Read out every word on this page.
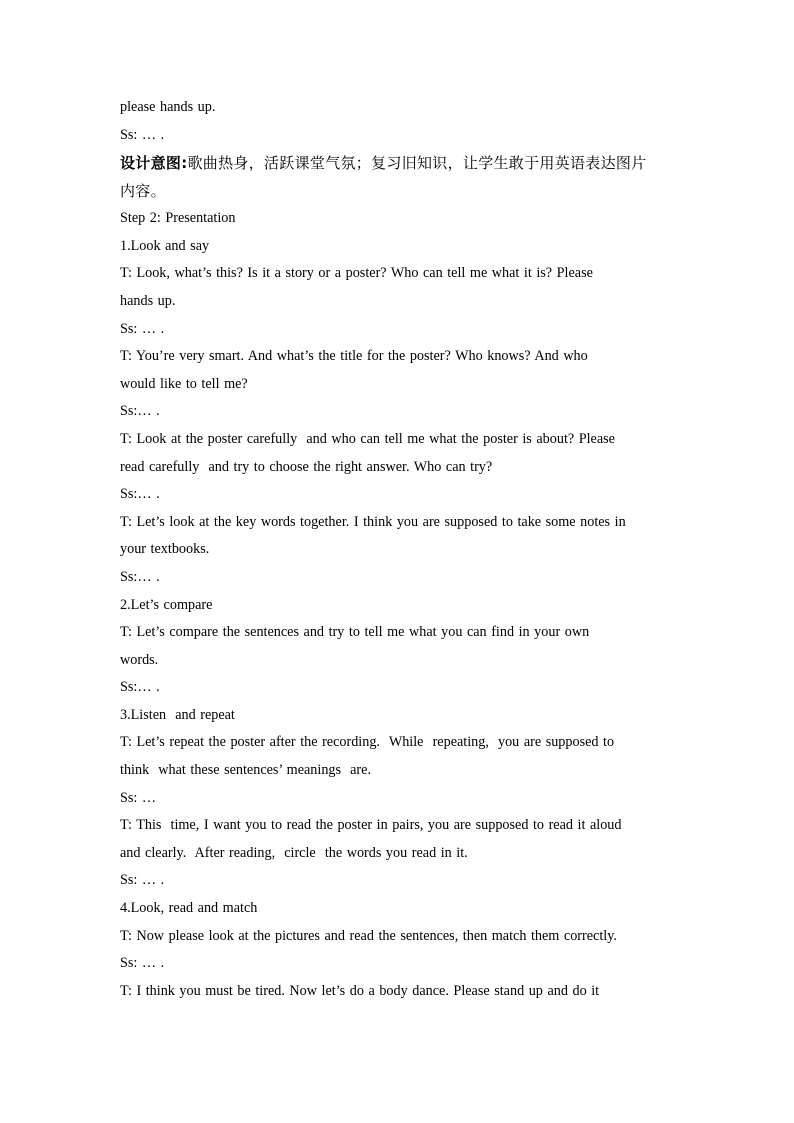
please hands up.
Ss: … .
设计意图:歌曲热身，活跃课堂气氛；复习旧知识，让学生敢于用英语表达图片
内容。
Step 2: Presentation
1.Look and say
T: Look, what’s this? Is it a story or a poster? Who can tell me what it is? Please
hands up.
Ss: … .
T: You’re very smart. And what’s the title for the poster? Who knows? And who
would like to tell me?
Ss:… .
T: Look at the poster carefully  and who can tell me what the poster is about? Please
read carefully  and try to choose the right answer. Who can try?
Ss:… .
T: Let’s look at the key words together. I think you are supposed to take some notes in
your textbooks.
Ss:… .
2.Let’s compare
T: Let’s compare the sentences and try to tell me what you can find in your own
words.
Ss:… .
3.Listen  and repeat
T: Let’s repeat the poster after the recording.  While  repeating,  you are supposed to
think  what these sentences’ meanings  are.
Ss: …
T: This  time, I want you to read the poster in pairs, you are supposed to read it aloud
and clearly.  After reading,  circle  the words you read in it.
Ss: … .
4.Look, read and match
T: Now please look at the pictures and read the sentences, then match them correctly.
Ss: … .
T: I think you must be tired. Now let’s do a body dance. Please stand up and do it
